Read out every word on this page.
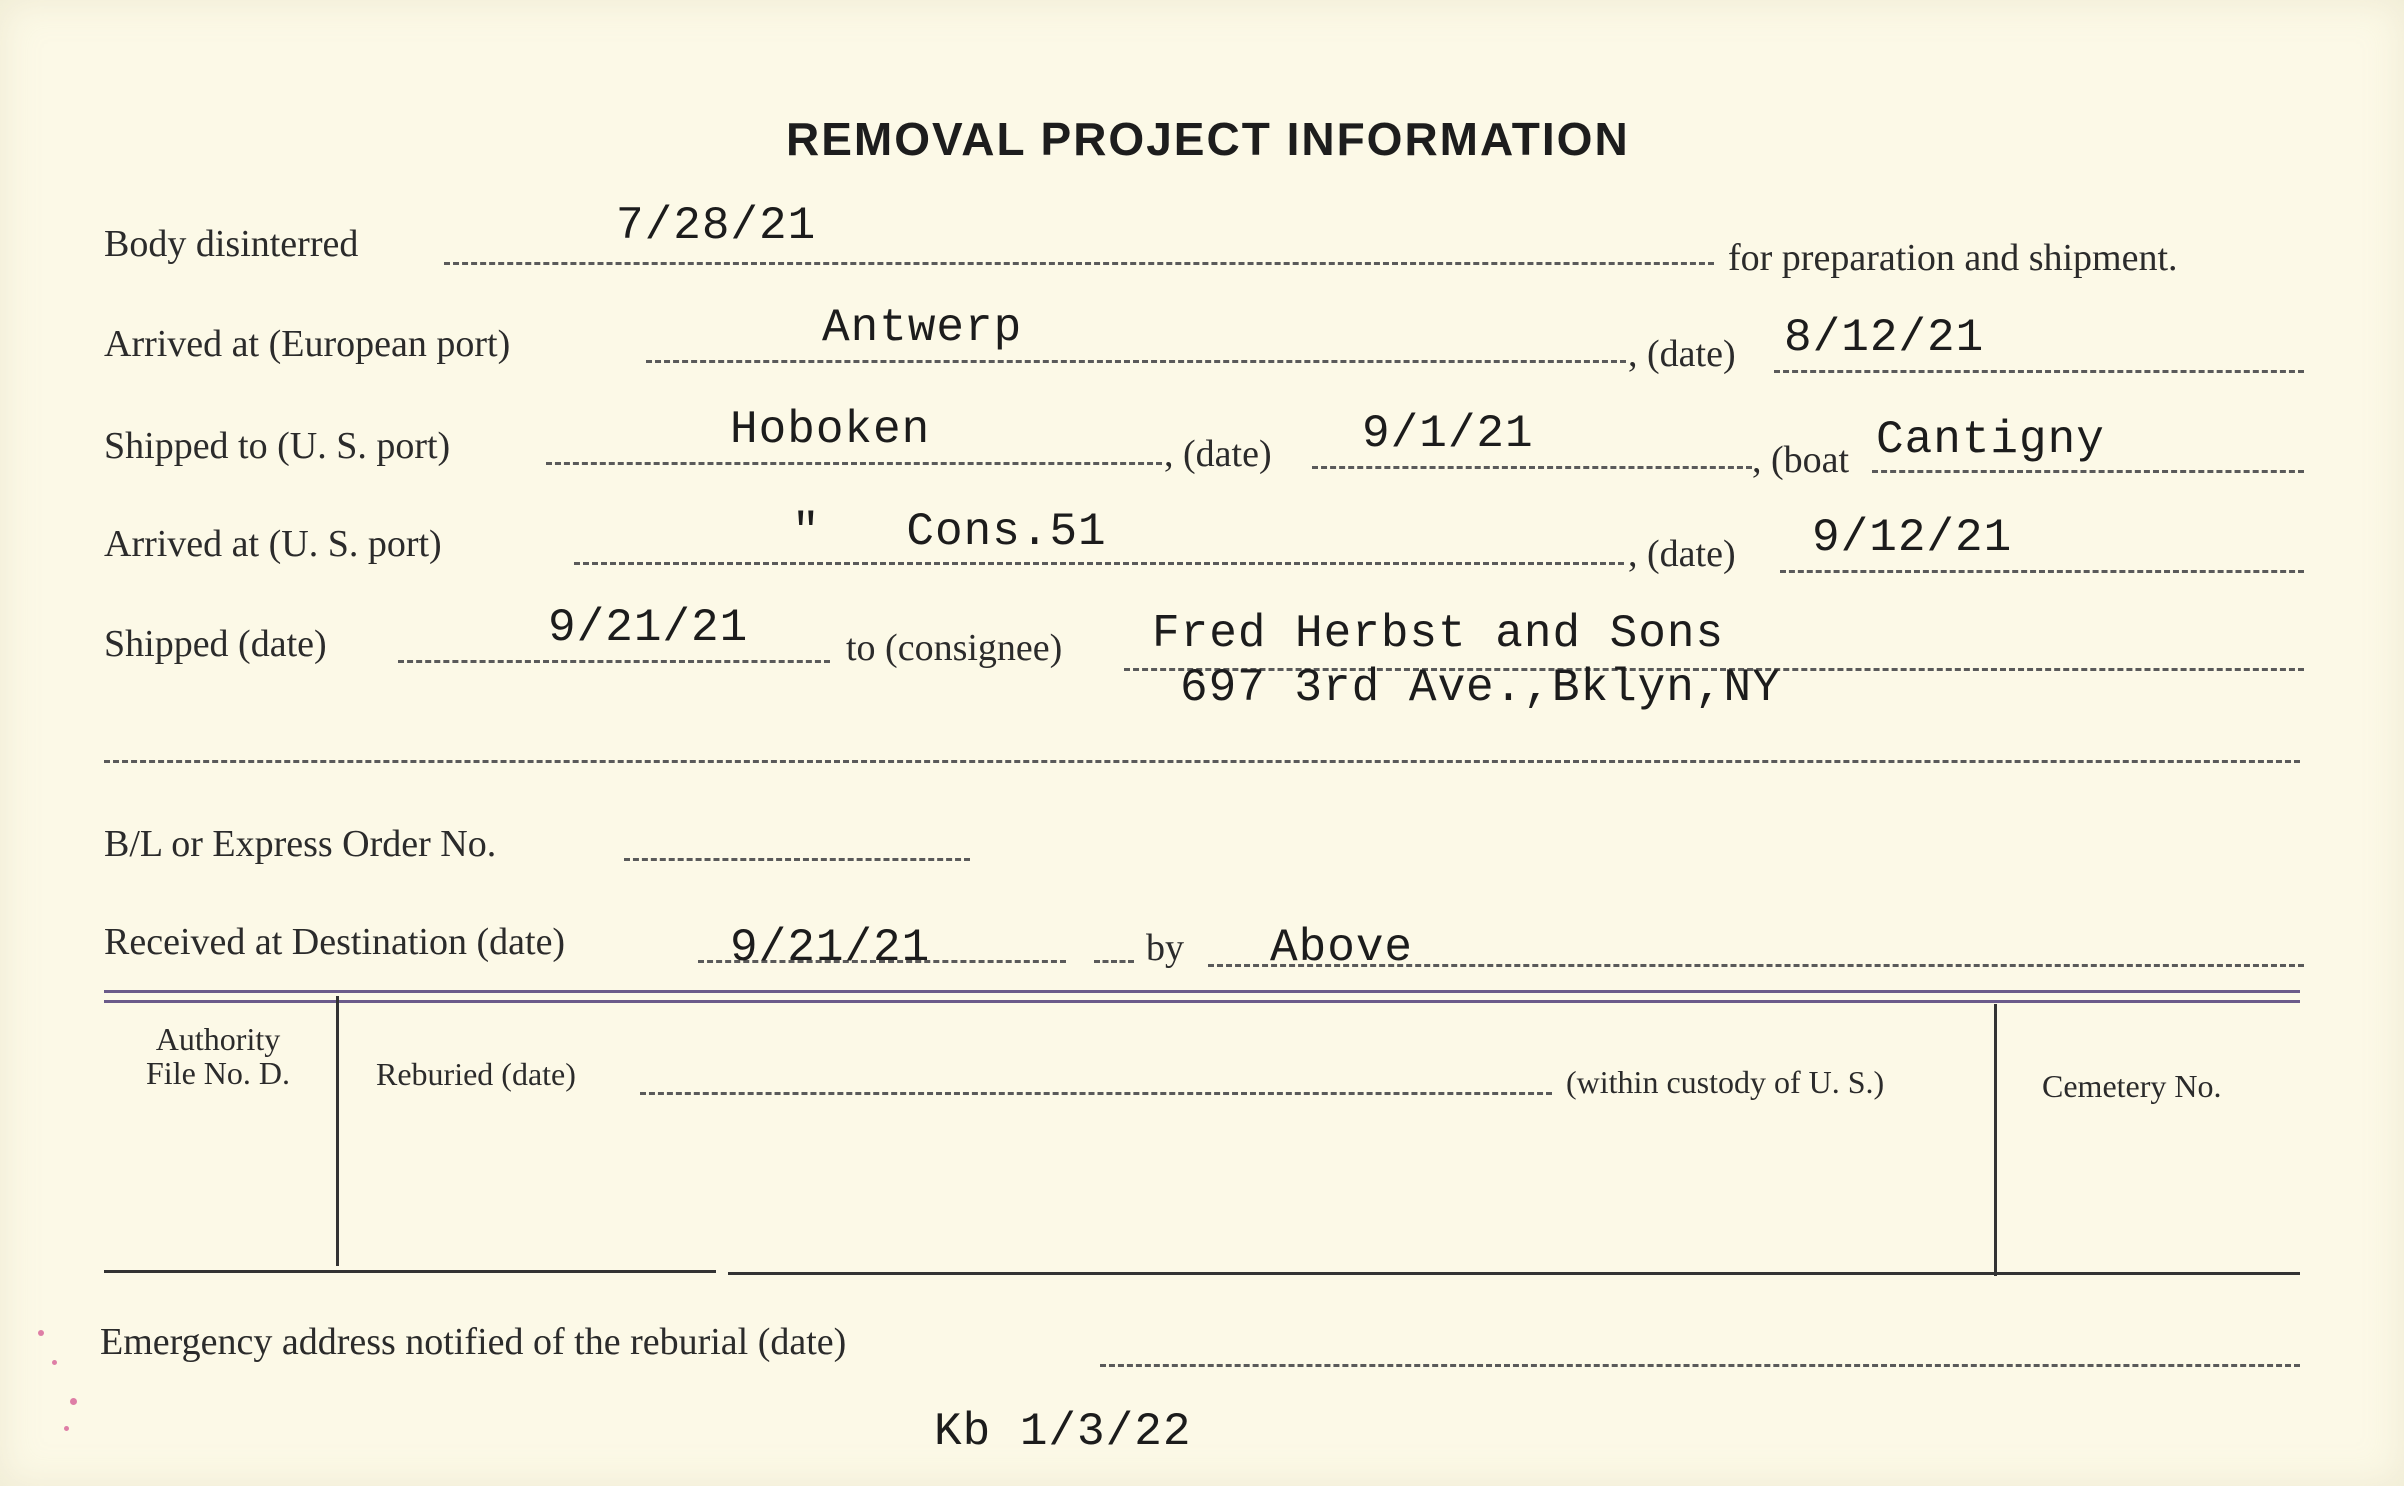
REMOVAL PROJECT INFORMATION
Body disinterred	7/28/21
for preparation and shipment.
Arrived at (European port)	Antwerp	, (date) 8/12/21
Shipped to (U. S. port)	Hoboken	, (date) 9/1/21	, (boat Cantigny
Arrived at (U. S. port)	"   Cons.51	, (date) 9/12/21
Shipped (date)	9/21/21	to (consignee) Fred Herbst and Sons
697 3rd Ave.,Bklyn,NY
B/L or Express Order No.
Received at Destination (date)	9/21/21	by Above
Authority
File No. D.	Reburied (date)	(within custody of U. S.)	Cemetery No.
Emergency address notified of the reburial (date)
Kb 1/3/22
